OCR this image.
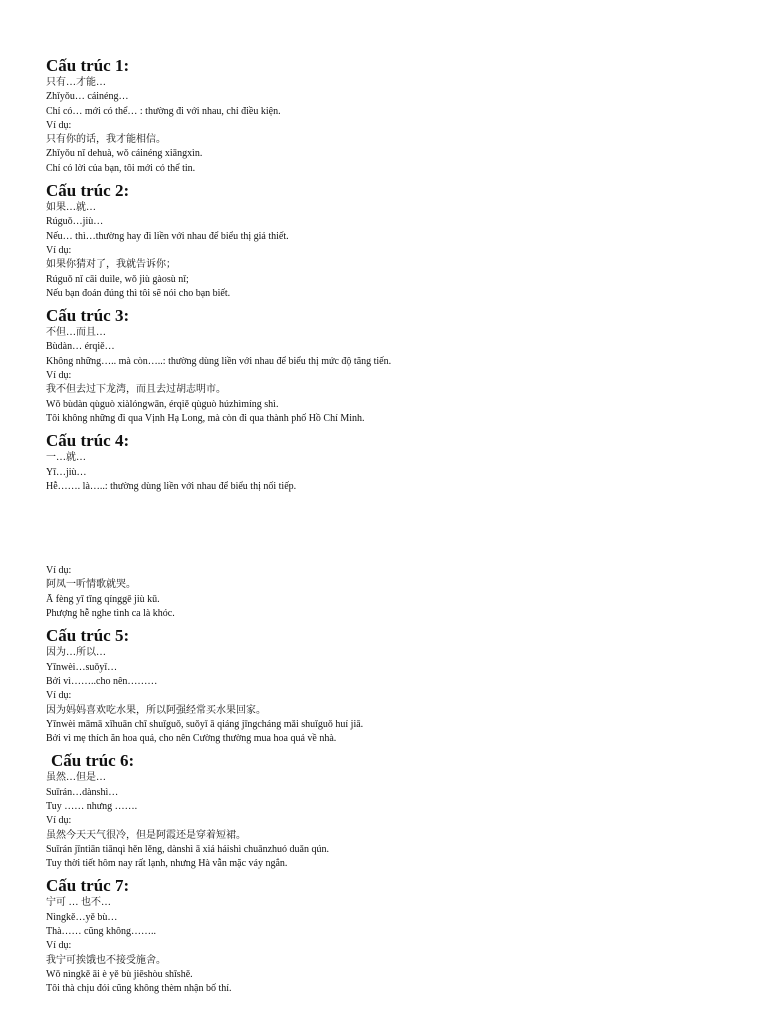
Cấu trúc 1:
只有…才能…
Zhǐyǒu… cáinéng…
Chỉ có… mới có thể… : thường đi với nhau, chỉ điều kiện.
Ví dụ:
只有你的话，我才能相信。
Zhǐyǒu nǐ dehuà, wǒ cáinéng xiāngxìn.
Chỉ có lời của bạn, tôi mới có thể tin.
Cấu trúc 2:
如果…就…
Rúguǒ…jiù…
Nếu… thì…thường hay đi liền với nhau để biểu thị giả thiết.
Ví dụ:
如果你猜对了，我就告诉你；
Rúguǒ nǐ cāi duìle, wǒ jiù gàosù nǐ;
Nếu bạn đoán đúng thì tôi sẽ nói cho bạn biết.
Cấu trúc 3:
不但…而且…
Bùdàn… érqiě…
Không những….. mà còn…..: thường dùng liền với nhau để biểu thị mức độ tăng tiến.
Ví dụ:
我不但去过下龙湾，而且去过胡志明市。
Wǒ bùdàn qùguò xiàlóngwān, érqiě qùguò húzhìmíng shì.
Tôi không những đi qua Vịnh Hạ Long, mà còn đi qua thành phố Hồ Chí Minh.
Cấu trúc 4:
一…就…
Yī…jiù…
Hễ……. là…..: thường dùng liền với nhau để biểu thị nối tiếp.
Ví dụ:
阿凤一听情歌就哭。
Ā fèng yī tīng qínggē jiù kū.
Phượng hễ nghe tình ca là khóc.
Cấu trúc 5:
因为…所以…
Yīnwèi…suǒyǐ…
Bởi vì……..cho nên………
Ví dụ:
因为妈妈喜欢吃水果，所以阿强经常买水果回家。
Yīnwèi māmā xǐhuān chī shuǐguǒ, suǒyǐ ā qiáng jīngcháng mǎi shuǐguǒ huí jiā.
Bởi vì mẹ thích ăn hoa quả, cho nên Cường thường mua hoa quả về nhà.
Cấu trúc 6:
虽然…但是…
Suīrán…dànshì…
Tuy …… nhưng …….
Ví dụ:
虽然今天天气很冷，但是阿霞还是穿着短裙。
Suīrán jīntiān tiānqì hěn lěng, dànshì ā xiá háishì chuānzhuó duǎn qún.
Tuy thời tiết hôm nay rất lạnh, nhưng Hà vẫn mặc váy ngắn.
Cấu trúc 7:
宁可 … 也不…
Nìngkě…yě bù…
Thà…… cũng không……..
Ví dụ:
我宁可挨饿也不接受施舍。
Wǒ nìngkě āi è yě bù jiēshòu shīshě.
Tôi thà chịu đói cũng không thèm nhận bố thí.
